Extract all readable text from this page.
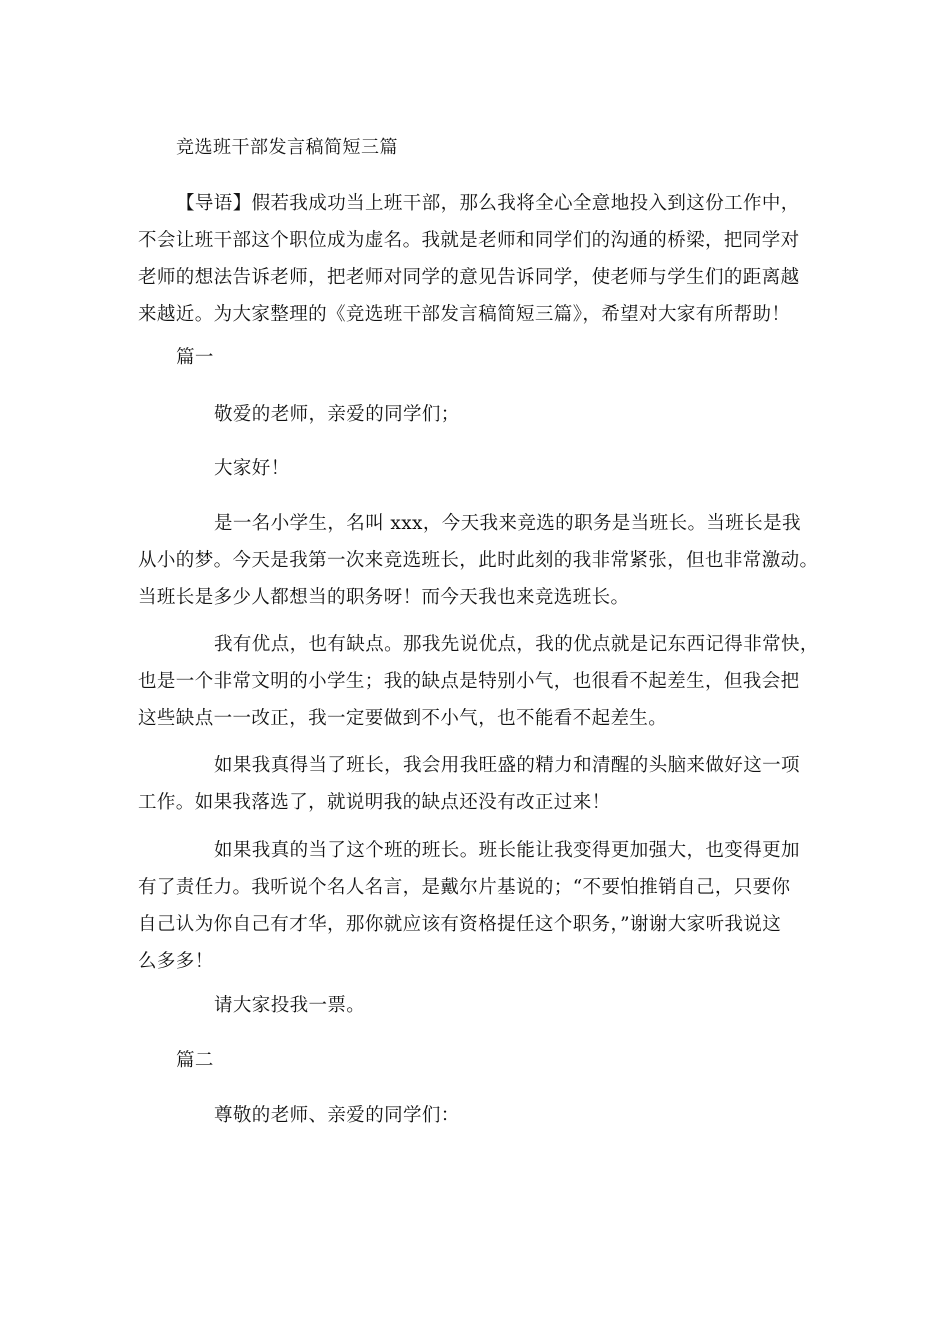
竞选班干部发言稿简短三篇
【导语】假若我成功当上班干部，那么我将全心全意地投入到这份工作中，
不会让班干部这个职位成为虚名。我就是老师和同学们的沟通的桥梁，把同学对
老师的想法告诉老师，把老师对同学的意见告诉同学，使老师与学生们的距离越
来越近。为大家整理的《竞选班干部发言稿简短三篇》，希望对大家有所帮助！
篇一
敬爱的老师，亲爱的同学们；
大家好！
是一名小学生，名叫 xxx，今天我来竞选的职务是当班长。当班长是我
从小的梦。今天是我第一次来竞选班长，此时此刻的我非常紧张，但也非常激动。
当班长是多少人都想当的职务呀！而今天我也来竞选班长。
我有优点，也有缺点。那我先说优点，我的优点就是记东西记得非常快，
也是一个非常文明的小学生；我的缺点是特别小气，也很看不起差生，但我会把
这些缺点一一改正，我一定要做到不小气，也不能看不起差生。
如果我真得当了班长，我会用我旺盛的精力和清醒的头脑来做好这一项
工作。如果我落选了，就说明我的缺点还没有改正过来！
如果我真的当了这个班的班长。班长能让我变得更加强大，也变得更加
有了责任力。我听说个名人名言，是戴尔片基说的；“不要怕推销自己，只要你
自己认为你自己有才华，那你就应该有资格提任这个职务，”谢谢大家听我说这
么多多！
请大家投我一票。
篇二
尊敬的老师、亲爱的同学们：
